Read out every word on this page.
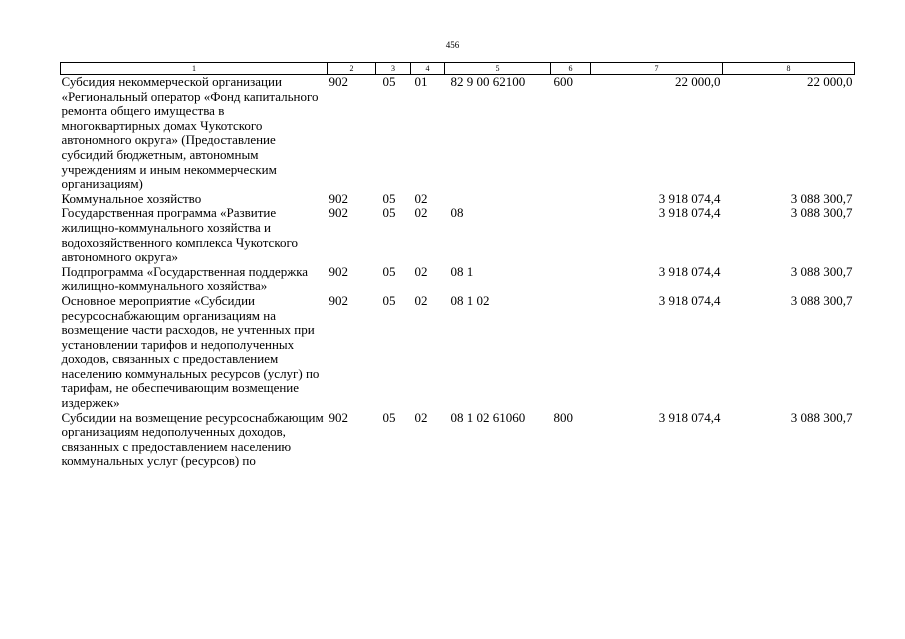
456
1	2	3	4	5	6	7	8
Субсидия некоммерческой организации «Региональный оператор «Фонд капитального ремонта общего имущества в многоквартирных домах Чукотского автономного округа» (Предоставление субсидий бюджетным, автономным учреждениям и иным некоммерческим организациям)	902	05	01	82 9 00 62100	600	22 000,0	22 000,0
Коммунальное хозяйство	902	05	02			3 918 074,4	3 088 300,7
Государственная программа «Развитие жилищно-коммунального хозяйства и водохозяйственного комплекса Чукотского автономного округа»	902	05	02	08		3 918 074,4	3 088 300,7
Подпрограмма «Государственная поддержка жилищно-коммунального хозяйства»	902	05	02	08 1		3 918 074,4	3 088 300,7
Основное мероприятие «Субсидии ресурсоснабжающим организациям на возмещение части расходов, не учтенных при установлении тарифов и недополученных доходов, связанных с предоставлением населению коммунальных ресурсов (услуг) по тарифам, не обеспечивающим возмещение издержек»	902	05	02	08 1 02		3 918 074,4	3 088 300,7
Субсидии на возмещение ресурсоснабжающим организациям недополученных доходов, связанных с предоставлением населению коммунальных услуг (ресурсов) по	902	05	02	08 1 02 61060	800	3 918 074,4	3 088 300,7
